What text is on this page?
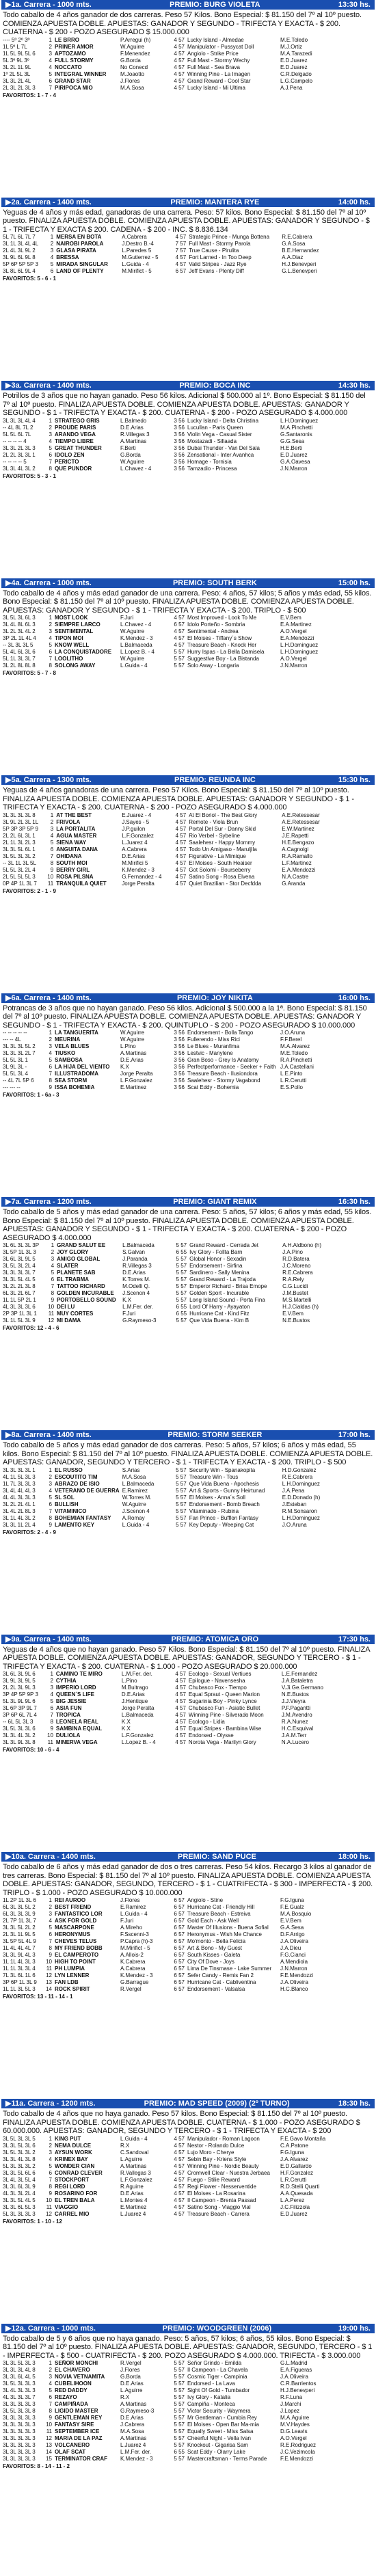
▶1a. Carrera - 1000 mts.	PREMIO: BURG VIOLETA	13:30 hs.
Todo caballo de 4 años ganador de dos carreras. Peso 57 Kilos. Bono Especial: $ 81.150 del 7º al 10º puesto. COMIENZA APUESTA DOBLE. APUESTAS: GANADOR Y SEGUNDO - TRIFECTA Y EXACTA - $ 200. CUATERNA - $ 200 - POZO ASEGURADO $ 15.000.000
---- 5º 2º 3º	1	LE BRRO	P.Arregui (h)	4 57	Lucky Island - Almedae	M.E.Toledo
1L 5º L 7L	2	PRINER AMOR	W.Aguirre	4 57	Manipulator - Pussycat Doll	M.J.Ortiz
1L 5L 9L 5L 6	3	APTOZAMO	F.Menendez	4 57	Angiolo - Strike Price	M.A.Tarazedi
5L 3º 9L 3º	4	FULL STORMY	G.Borda	4 57	Full Mast - Stormy Wechy	E.D.Juarez
3L 2L 1L 9L	4	NOCCATO	No Conecd	4 57	Full Mast - Sea Brava	E.D.Juarez
1º 2L 5L 3L	5	INTEGRAL WINNER	M.Joaotto	4 57	Winning Pine - La Imagen	C.R.Delgado
3L 3L 2L 4L	6	GRAND STAR	J.Flores	4 57	Grand Reward - Cool Star	L.G.Campelo
2L 3L 2L 3L 3	7	PIRIPOCA MIO	M.A.Sosa	4 57	Lucky Island - Mi Ultima	A.J.Pena
FAVORITOS: 1 - 7 - 4
▶2a. Carrera - 1400 mts.	PREMIO: MANTERA RYE	14:00 hs.
Yeguas de 4 años y más edad, ganadoras de una carrera. Peso: 57 kilos. Bono Especial: $ 81.150 del 7º al 10º puesto. FINALIZA APUESTA DOBLE. COMIENZA APUESTA DOBLE. APUESTAS: GANADOR Y SEGUNDO - $ 1 - TRIFECTA Y EXACTA $ 200. CADENA - $ 200 - INC. $ 8.836.134
5L 7L 6L 7L 7	1	MERSA EN BOTA	A.Cabrera	4 57	Strategic Prince - Munga Bottena	R.E.Cabrera
3L 1L 3L 4L 4L	2	NAIROBI PAROLA	J.Destro B.-4	7 57	Full Mast - Stormy Parola	G.A.Sosa
2L 4L 3L 9L 2	3	GLASA PIRATA	L.Paredes 5	7 57	True Cause - Pirulita	B.E.Hernandez
3L 9L 6L 9L 8	4	BRESSA	M.Gutierrez - 5	4 57	Fort Larned - In Too Deep	A.A.Diaz
5P 6P 5P 5P 3	5	MIRADA SINGULAR	L.Guida - 4	4 57	Valid Stripes - Jazz Rye	H.J.Benevperi
3L 8L 6L 9L 4	6	LAND OF PLENTY	M.Mirifict - 5	6 57	Jeff Evans - Plenty Diff	G.L.Benevperi
FAVORITOS: 5 - 6 - 1
▶3a. Carrera - 1400 mts.	PREMIO: BOCA INC	14:30 hs.
Potrillos de 3 años que no hayan ganado. Peso 56 kilos. Adicional $ 500.000 al 1º. Bono Especial: $ 81.150 del 7º al 10º puesto. FINALIZA APUESTA DOBLE. COMIENZA APUESTA DOBLE. APUESTAS: GANADOR Y SEGUNDO - $ 1 - TRIFECTA Y EXACTA - $ 200. CUATERNA - $ 200 - POZO ASEGURADO $ 4.000.000
3L 3L 3L 4L 4	1	STRATEGO GRIS	L.Balmedo	3 56	Lucky Island - Delta Christina	L.H.Dominguez
-- 4L 8L 7L 2	2	PROUDE PARIS	D.E.Arias	3 56	Lucullan - Paris Queen	M.A.Pinchetti
5L 5L 6L 7L	3	ARANDO VEGA	R.Villegas 3	3 56	Violin Vega - Casual Sister	G.Santaronis
-- -- -- -- 4	4	TIEMPO LIBRE	A.Martinas	3 56	Mostazadi - Sillaada	G.G.Sesa
3L 3L 2L 3L 3	5	GREAT THUNDER	F.Berti	3 56	Dubai Thunder - Van Del Sala	H.E.Berti
2L 2L 3L 3L 1	6	IDOLO ZEN	G.Borda	3 56	Zensational - Inter Avanhca	E.D.Juarez
-- -- -- -- 5	7	PERICTO	W.Aguirre	3 56	Homage - Tornisia	G.A.Oavesa
3L 3L 4L 3L 2	8	QUE PUNDOR	L.Chavez - 4	3 56	Tamzadio - Princesa	J.N.Marron
FAVORITOS: 5 - 3 - 1
▶4a. Carrera - 1000 mts.	PREMIO: SOUTH BERK	15:00 hs.
Todo caballo de 4 años y más edad ganador de una carrera. Peso: 4 años, 57 kilos; 5 años y más edad, 55 kilos. Bono Especial: $ 81.150 del 7º al 10º puesto. FINALIZA APUESTA DOBLE. COMIENZA APUESTA DOBLE. APUESTAS: GANADOR Y SEGUNDO - $ 1 - TRIFECTA Y EXACTA - $ 200. TRIPLO - $ 500
3L 5L 3L 6L 3	1	MOST LOOK	F.Juri	4 57	Most Improved - Look To Me	E.V.Bem
3L 4L 8L 6L 3	2	SIEMPRE LARCO	L.Chavez - 4	6 57	Idolo Porteño - Sombria	E.A.Martinez
3L 2L 3L 4L 2	3	SENTIMENTAL	W.Aguirre	4 57	Sentimental - Andrea	A.O.Vergel
3P 2L 1L 4L 4	4	TIPON MOI	K.Mendez - 3	4 57	El Moises - Tiffany´s Show	E.A.Mendozzi
-- 3L 3L 3L 5	5	KNOW WELL	L.Balmaceda	4 57	Treasure Beach - Knock Her	L.H.Dominguez
5L 4L 6L 3L 6	6	LA CONQUISTADORE	L.Lopez B. - 4	5 57	Hurry Ispas - La Bella Damisela	L.H.Dominguez
5L 1L 3L 3L 7	7	LOOLITHO	W.Aguirre	5 57	Suggestive Boy - La Bistanda	A.O.Vergel
3L 2L 8L 8L 8	8	SOLONG AWAY	L.Guida - 4	5 57	Solo Away - Longaria	J.N.Marron
FAVORITOS: 5 - 7 - 8
▶5a. Carrera - 1300 mts.	PREMIO: REUNDA INC	15:30 hs.
Yeguas de 4 años ganadoras de una carrera. Peso 57 Kilos. Bono Especial: $ 81.150 del 7º al 10º puesto. FINALIZA APUESTA DOBLE. COMIENZA APUESTA DOBLE. APUESTAS: GANADOR Y SEGUNDO - $ 1 - TRIFECTA Y EXACTA - $ 200. CUATERNA - $ 200 - POZO ASEGURADO $ 4.000.000
3L 3L 3L 3L 8	1	AT THE BEST	E.Juarez - 4	4 57	At El Boriol - The Best Glory	A.E.Retessesar
3L 9L 2L 3L 1L	2	FRIVOLA	J.Sayes - 5	4 57	Remote - Viola Brun	A.E.Retessesar
5P 3P 3P 5P 9	3	LA PORTALITA	J.P.guilon	4 57	Portal Del Sur - Danny Skid	E.W.Martinez
2L 2L 6L 3L 1	4	AGUA MASTER	L.F.Gonzalez	4 57	Rio Verbel - Sybeline	J.E.Rapetti
2L 1L 3L 2L 3	5	SIENA WAY	L.Juarez 4	4 57	Saalehesr - Happy Mommy	H.E.Bengazo
3L 3L 5L 6L 1	6	ANGUITA DANA	A.Cabrera	4 57	Todo Un Amigaso - Maruljlla	A.Cagnolgi
3L 5L 3L 3L 2	7	OHIDANA	D.E.Arias	4 57	Figurative - La Mimique	R.A.Ramallo
-- 3L 1L 3L 5L	8	SOUTH MOI	M.Mirifici 5	4 57	El Moises - South Heaiser	L.F.Martinez
5L 5L 3L 2L 4	9	BERRY GIRL	K.Mendez - 3	4 57	Got Solomi - Bourseberry	E.A.Mendozzi
2L 5L 5L 5L 3	10	ROSA PILSNA	G.Fernandez - 4	4 57	Satino Song - Rosa Elvena	N.A.Castre
0P 4P 1L 3L 7	11	TRANQUILA QUIET	Jorge Peralta	4 57	Quiet Brazilian - Stor Decfdda	G.Aranda
FAVORITOS: 2 - 1 - 9
▶6a. Carrera - 1400 mts.	PREMIO: JOY NIKITA	16:00 hs.
Potrancas de 3 años que no hayan ganado. Peso 56 kilos. Adicional $ 500.000 a la 1ª. Bono Especial: $ 81.150 del 7º al 10º puesto. FINALIZA APUESTA DOBLE. COMIENZA APUESTA DOBLE. APUESTAS: GANADOR Y SEGUNDO - $ 1 - TRIFECTA Y EXACTA - $ 200. QUINTUPLO - $ 200 - POZO ASEGURADO $ 10.000.000
-- -- -- -- --	1	LA TANGUERITA	W.Aguirre	3 56	Endorsement - Bolla Tango	J.O.Aruna
--- -- 4L	2	MEURINA	W.Aguirre	3 56	Fullerendo - Miss Rici	F.F.Berel
3L 3L 3L 5L 2	3	VELA BLUES	L.Pino	3 56	Le Blues - Muranfima	M.A.Alvarez
3L 3L 3L 2L 7	4	TIUSKO	A.Martinas	3 56	Lestvic - Manylene	M.E.Toledo
5L 5L 3L 1	5	SAMBOSA	D.E.Arias	3 56	Gran Boso - Grey Is Anatomy	R.A.Pinchetti
3L 9L 3L -	6	LA HIJA DEL VIENTO	K.X	3 56	Perfectperformance - Seeker + Faith	J.A.Castellani
5L 5L 3L 4	7	ILLUSTRADOMA	Jorge Peralta	3 56	Treasure Beach - Ilusiondora	L.E.Pinto
-- 4L 7L 5P 6	8	SEA STORM	L.F.Gonzalez	3 56	Saalehesr - Stormy Vagabond	L.R.Cerutti
--- --- --	9	ISSA BOHEMIA	E.Martinez	3 56	Scat Eddy - Bohemia	E.S.Pollo
FAVORITOS: 1 - 6a - 3
▶7a. Carrera - 1200 mts.	PREMIO: GIANT REMIX	16:30 hs.
Todo caballo de 5 años y más edad ganador de una carrera. Peso: 5 años, 57 kilos; 6 años y más edad, 55 kilos. Bono Especial: $ 81.150 del 7º al 10º puesto. FINALIZA APUESTA DOBLE. COMIENZA APUESTA DOBLE. APUESTAS: GANADOR Y SEGUNDO - $ 1 - TRIFECTA Y EXACTA - $ 200. CUATERNA - $ 200 - POZO ASEGURADO $ 4.000.000
3L 6L 3L 3L 3P	1	GRAND SALUT EE	L.Balmaceda	5 57	Grand Reward - Cerrada Jet	A.H.Aldbono (h)
3L 5P 1L 3L 3	2	JOY GLORY	S.Galvan	6 55	Ivy Glory - Follta Barn	J.A.Pino
3L 6L 3L 9L 5	3	AMIGO GLOBAL	J.Paranda	5 57	Global Honor - Sexadin	R.D.Batera
3L 5L 3L 2L 4	4	SLATER	R.Villegas 3	5 57	Endorsement - Sirfina	J.C.Moreno
3L 3L 3L 3L 7	5	PLANETE SAB	D.E.Arias	5 57	Sardinero - Sally Menina	R.E.Cabrera
3L 3L 5L 4L 5	6	EL TRABMA	K.Torres M.	5 57	Grand Reward - La Trajoda	R.A.Rely
3L 2L 2L 3L 8	7	TATTOO RICHARD	M.Odelli Q.	5 57	Emperor Richard - Brisa Emope	C.G.Lucidi
6L 3L 2L 6L 7	8	GOLDEN INCURABLE	J.Scenon 4	5 57	Golden Sport - Incurable	J.M.Bustet
1L 1L 5P 2L 1	9	PORTOBELLO SOUND	K.X	5 57	Long Island Sound - Porta Fina	M.S.Martelli
4L 3L 3L 3L 6	10	DEI LU	L.M.Fer. der.	6 55	Lord Of Harry - Ayayaton	H.J.Cialdas (h)
2P 3P 1L 3L 1	11	MUY CORTES	F.Juri	6 55	Hurricane Cat - Kind Fitz	E.V.Bem
3L 1L 5L 3L 9	12	MI DAMA	G.Raymeso-3	5 57	Que Vida Buena - Kim B	N.E.Bustos
FAVORITOS: 12 - 4 - 6
▶8a. Carrera - 1400 mts.	PREMIO: STORM SEEKER	17:00 hs.
Todo caballo de 5 años y más edad ganador de dos carreras. Peso: 5 años, 57 kilos; 6 años y más edad, 55 kilos. Bono Especial: $ 81.150 del 7º al 10º puesto. FINALIZA APUESTA DOBLE. COMIENZA APUESTA DOBLE. APUESTAS: GANADOR, SEGUNDO Y TERCERO - $ 1 - TRIFECTA Y EXACTA - $ 200. TRIPLO - $ 500
3L 3L 3L 3L 1	1	EL RUSSO	S.Arias	5 57	Security Win - Spanakopita	H.D.Gonzalez
4L 1L 5L 3L 3	2	ESCOUTITO TIM	M.A.Sosa	5 57	Treasure Win - Tous	R.E.Cabrera
1L 7L 3L 3L 3	3	ABRAZO DE ISIO	L.Balmaceda	5 57	Que Vida Buena - Apochesis	L.H.Dominguez
3L 4L 4L 4L 3	4	VETERANO DE GUERRA	E.Ramirez	5 57	Art & Sports - Gunny Heirtunad	J.A.Pena
4L 4L 3L 3L 3	5	SL SOL	W.Torres M.	5 57	El Moises - Anna´s Soll	E.D.Donado (h)
3L 2L 2L 4L 1	6	BULLISH	W.Aguirre	5 57	Endorsement - Bomb Breach	J.Esteban
3L 4L 2L 8L 3	7	VITAMINICO	J.Scenon 4	5 57	Vitaminado - Rubina	R.M.Sonsaron
3L 1L 4L 3L 2	8	BOHEMIAN FANTASY	A.Romay	5 57	Fan Prince - Bufflon Fantasy	L.H.Dominguez
3L 3L 1L 2L 4	9	LAMENTO KEY	L.Guida - 4	5 57	Key Deputy - Weeping Cat	J.O.Aruna
FAVORITOS: 2 - 4 - 9
▶9a. Carrera - 1400 mts.	PREMIO: ATOMICA ORO	17:30 hs.
Yeguas de 4 años que no hayan ganado. Peso 57 Kilos. Bono Especial: $ 81.150 del 7º al 10º puesto. FINALIZA APUESTA DOBLE. COMIENZA APUESTA DOBLE. APUESTAS: GANADOR, SEGUNDO Y TERCERO - $ 1 - TRIFECTA Y EXACTA - $ 200. CUATERNA - $ 1.000 - POZO ASEGURADO $ 20.000.000
3L 6L 3L 9L 6	1	CAMINO TE MIRO	L.M.Fer. der.	4 57	Ecologo - Sexual Vertiues	L.E.Fernandez
3L 9L 3L 9L 5	2	CYTHIA	L.Pino	4 57	Epilogue - Navensesha	J.A.Bataletra
2L 2L 3L 9L 3	3	IMPERIO LORD	M.Buitrago	4 57	Chubasco Fox - Tiempo	V.Ji.Ge.Germano
3P 4P 5P 9P 3	4	QUEEN´S LIFE	D.E.Arias	4 57	Equal Spraut - Queen Marion	N.E.Bustos
5L 3L 9L 9L 6	5	BIG JESSIE	J.Hentique	4 57	Sugarinia Boy - Pinky Lynce	J.J.Vieyra
3L 6P 3P 9L 7	6	ASIA FUN	Jorge Peralta	4 57	Chubasco Fun - Asiatic Bullet	P.F.Pagantti
3P 6P 6L 7L 4	7	TROPICA	L.Balmaceda	4 57	Winning Pine - Silverado Moon	J.M.Avendro
-- 6L 5L 3L 3	8	LEONELA REAL	K.X	4 57	Ecologo - Lidia	R.A.Nunez
3L 5L 3L 3L 6	9	SAMBINA EQUAL	K.X	4 57	Equal Stripes - Bambina Wise	H.C.Esquival
3L 3L 4L 3L 2	10	DULIOLA	L.F.Gonzalez	4 57	Endorsed - Olysse	J.A.M.Terr
3L 3L 9L 3L 8	11	MINERVA VEGA	L.Lopez B. - 4	4 57	Norota Vega - Marilyn Glory	N.A.Lucero
FAVORITOS: 10 - 6 - 4
▶10a. Carrera - 1400 mts.	PREMIO: SAND PUCE	18:00 hs.
Todo caballo de 6 años y más edad ganador de dos o tres carreras. Peso 54 kilos. Recargo 3 kilos al ganador de tres carreras. Bono Especial: $ 81.150 del 7º al 10º puesto. FINALIZA APUESTA DOBLE. COMIENZA APUESTA DOBLE. APUESTAS: GANADOR, SEGUNDO, TERCERO - $ 1 - CUATRIFECTA - $ 300 - IMPERFECTA - $ 200. TRIPLO - $ 1.000 - POZO ASEGURADO $ 10.000.000
1L 2P 1L 3L 6	1	REI AUROO	J.Flores	6 57	Angiolo - Stine	F.G.Iguna
6L 3L 3L 5L 2	2	BEST FRIEND	E.Ramirez	6 57	Hurricane Cat - Friendly Hill	F.E.Gualz
6L 3L 3L 3L 9	3	FANTASTICO LOR	L.Guida - 4	6 57	Treasure Beach - Estreiva	M.A.Bosquio
2L 7P 1L 3L 7	4	ASK FOR GOLD	F.Juri	6 57	Gold Each - Ask Well	E.V.Bem
3L 3L 5L 2L 2	5	MASCARPONE	A.Mireho	6 57	Master Of Illusions - Buena Sofial	G.A.Sesa
2L 3L 1L 9L 5	6	HERONYMUS	F.Sscenni-3	6 57	Heronymus - Wish Me Chance	D.F.Arrigo
3L 5P 5L 4L 9	7	CHEVES TELUS	P.Capra (h)-3	6 57	Mo'monto - Bella Felicia	J.A.Oliveira
1L 4L 4L 4L 7	8	MY FRIEND BOBB	M.Mirifict - 5	6 57	Art & Bono - My Guest	J.A.Dieu
3L 3L 9L 4L 3	9	EL CAMPEROTO	A.Allois-2	6 57	South Kisses - Galeta	F.G.Cianci
1L 1L 4L 3L 3	10	HIGH TO POINT	K.Cabrera	6 57	City Of Dove - Joys	A.Mendiola
1L 1L 3L 3L 4	11	PH LUMPIA	A.Cabrera	6 57	Lima De Tinsmase - Lake Summer	J.N.Marron
7L 3L 6L 1L 6	12	LYN LENNER	K.Mendez - 3	6 57	Sefer Candy - Remis Fan 2	F.E.Mendozzi
3P 6P 1L 3L 9	13	FAN LDB	G.Barrague	6 57	Hurricane Cat - Cabliventina	J.A.Oliveira
1L 1L 3L 5L 3	14	ROCK SPIRIT	R.Vergel	6 57	Endorsement - Valsalsa	H.C.Blanco
FAVORITOS: 13 - 11 - 14 - 1
▶11a. Carrera - 1200 mts.	PREMIO: MAD SPEED (2009) (2º TURNO)	18:30 hs.
Todo caballo de 4 años que no haya ganado. Peso 57 kilos. Bono Especial: $ 81.150 del 7º al 10º puesto. FINALIZA APUESTA DOBLE. COMIENZA APUESTA DOBLE. CUATERNA - $ 1.000 - POZO ASEGURADO $ 60.000.000. APUESTAS: GANADOR, SEGUNDO Y TERCERO - $ 1 - TRIFECTA Y EXACTA - $ 200
3L 5L 3L 3L 5	1	KING PUT	L.Guida - 4	4 57	Manipulador - Roman Lagoon	F.E.Gavo Montaña
3L 3L 5L 3L 6	2	NEMA DULCE	R.X	4 57	Nestor - Rolando Dulce	C.A.Patone
3L 5L 3L 3L 2	3	AYSUN WORK	C.Sandoval	4 57	Lujo Moro - Cherye	F.G.Iguna
3L 3L 4L 3L 8	4	KRINEX BAY	L.Aguirre	4 57	Sebin Bay - Kriens Style	J.A.Alvarez
5L 3L 3L 3L 2	5	WONDER CIAN	A.Martinas	4 57	Winning Pine - Nordic Beauty	E.D.Gallardo
3L 3L 5L 6L 6	6	CONRAD CLEVER	R.Vallegas 3	4 57	Cromwell Clear - Nuestra Jerbaea	H.F.Gonzalez
3L 4L 3L 5L 4	7	STOCKPORT	L.F.Gonzalez	4 57	Fuego - Stilie Reward	L.R.Cerutti
3L 3L 6L 3L 9	8	REGI LORD	R.Aguirre	4 57	Regi Flower - Nesserventide	R.D.Stelli Quarti
4L 3L 3L 2L 4	9	ROSARINO FOR	D.E.Arias	4 57	El Moises - La Rosarina	A.A.Quesada
3L 3L 5L 4L 5	10	EL TREN BALA	L.Montes 4	4 57	Il Campeon - Brenta Passad	L.A.Perez
3L 3L 6L 5L 3	11	VIAGGIO	E.Martinez	4 57	Satino Song - Viaggio Vial	J.C.Filizzola
5L 3L 3L 3L 3	12	CARREL MIO	L.Juarez 4	4 57	Treasure Beach - Carrera	E.D.Juarez
FAVORITOS: 1 - 10 - 12
▶12a. Carrera - 1000 mts.	PREMIO: WOODGREEN (2006)	19:00 hs.
Todo caballo de 5 y 6 años que no haya ganado. Peso: 5 años, 57 kilos; 6 años, 55 kilos. Bono Especial: $ 81.150 del 7º al 10º puesto. FINALIZA APUESTA DOBLE. APUESTAS: GANADOR, SEGUNDO, TERCERO - $ 1 - IMPERFECTA - $ 500 - CUATRIFECTA - $ 200. POZO ASEGURADO $ 4.000.000. TRIFECTA - $ 3.000.000
3L 3L 5L 3L 3	1	SEÑOR MONCHI	R.Vergel	5 57	Señor Grindo - Emilda	G.L.Madrid
3L 3L 3L 4L 8	2	EL CHAVERO	J.Flores	5 57	Il Campeon - La Chavela	E.A.Figueras
3L 3L 6L 4L 5	3	NOVIA VETNAMITA	G.Borda	5 57	Cosmic Tiger - Campinia	J.A.Oliveira
3L 5L 3L 3L 3	4	CUBELIHOON	D.E.Arias	5 57	Endorsed - La Lava	C.R.Barrientos
3L 4L 3L 3L 3	5	RED DADDY	L.Aguirre	5 57	Sight Of Gold - Tumbador	H.J.Benevperi
4L 3L 3L 3L 7	6	REZAYO	R.X	5 57	Ivy Glory - Katalia	R.F.Luna
3L 3L 3L 3L 3	7	CAMPIÑADA	A.Martinas	5 57	Campiña - Monteca	J.Marchi
3L 5L 3L 3L 8	8	LIGIDO MASTER	G.Raymeso-3	5 57	Victor Security - Waymera	J.Lopez
3L 3L 3L 3L 3	9	GENTLEMAN REY	D.E.Arias	5 57	Mr Gentleman - Cumbia Rey	M.A.Aguirre
3L 3L 3L 3L 3	10	FANTASY SIRE	J.Cabrera	5 57	El Moises - Open Bar Ma-mia	M.V.Haydes
3L 3L 3L 3L 3	11	SEPTEMBER ICE	M.A.Sosa	5 57	Equally Sweet - Miss Salsa	D.G.Leavis
3L 3L 3L 3L 3	12	MARIA DE LA PAZ	A.Martinas	5 57	Cheerful Night - Vella Ivan	A.O.Vergel
3L 3L 3L 3L 3	13	VOLCANERO	L.Juarez 4	5 57	Knockout - Gigarisa Sam	R.E.Rodriguez
3L 3L 3L 3L 3	14	OLAF SCAT	L.M.Fer. der.	6 55	Scat Eddy - Olarry Lake	J.C.Vezimcola
3L 3L 3L 3L 3	15	TERMINATOR CRAF	K.Mendez - 3	5 57	Mastercraftsman - Terms Parade	F.E.Mendozzi
FAVORITOS: 8 - 14 - 11 - 2
